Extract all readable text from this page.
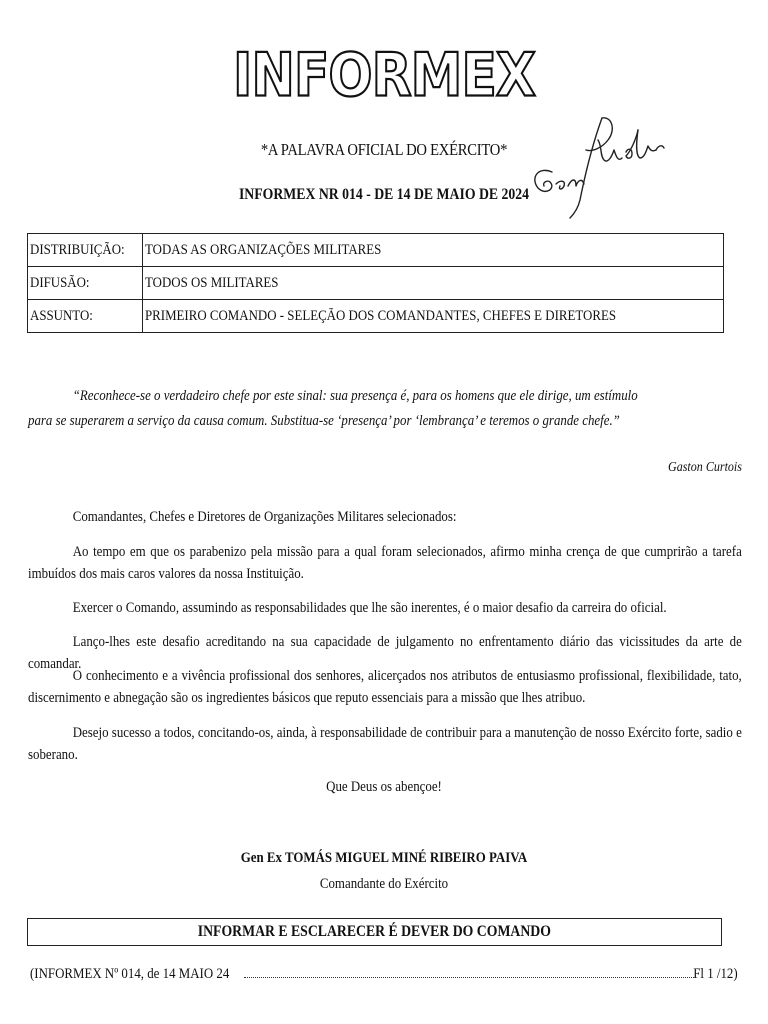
INFORMEX
*A PALAVRA OFICIAL DO EXÉRCITO*
INFORMEX NR 014 - DE 14 DE MAIO DE 2024
DISTRIBUIÇÃO:	TODAS AS ORGANIZAÇÕES MILITARES
DIFUSÃO:	TODOS OS MILITARES
ASSUNTO:	PRIMEIRO COMANDO - SELEÇÃO DOS COMANDANTES, CHEFES E DIRETORES
“Reconhece-se o verdadeiro chefe por este sinal: sua presença é, para os homens que ele dirige, um estímulo para se superarem a serviço da causa comum. Substitua-se ‘presença’ por ‘lembrança’ e teremos o grande chefe.”
Gaston Curtois
Comandantes, Chefes e Diretores de Organizações Militares selecionados:
Ao tempo em que os parabenizo pela missão para a qual foram selecionados, afirmo minha crença de que cumprirão a tarefa imbuídos dos mais caros valores da nossa Instituição.
Exercer o Comando, assumindo as responsabilidades que lhe são inerentes, é o maior desafio da carreira do oficial.
Lanço-lhes este desafio acreditando na sua capacidade de julgamento no enfrentamento diário das vicissitudes da arte de comandar.
O conhecimento e a vivência profissional dos senhores, alicerçados nos atributos de entusiasmo profissional, flexibilidade, tato, discernimento e abnegação são os ingredientes básicos que reputo essenciais para a missão que lhes atribuo.
Desejo sucesso a todos, concitando-os, ainda, à responsabilidade de contribuir para a manutenção de nosso Exército forte, sadio e soberano.
Que Deus os abençoe!
Gen Ex TOMÁS MIGUEL MINÉ RIBEIRO PAIVA
Comandante do Exército
INFORMAR E ESCLARECER É DEVER DO COMANDO
(INFORMEX Nº 014, de 14 MAIO 24	Fl 1 /12)
